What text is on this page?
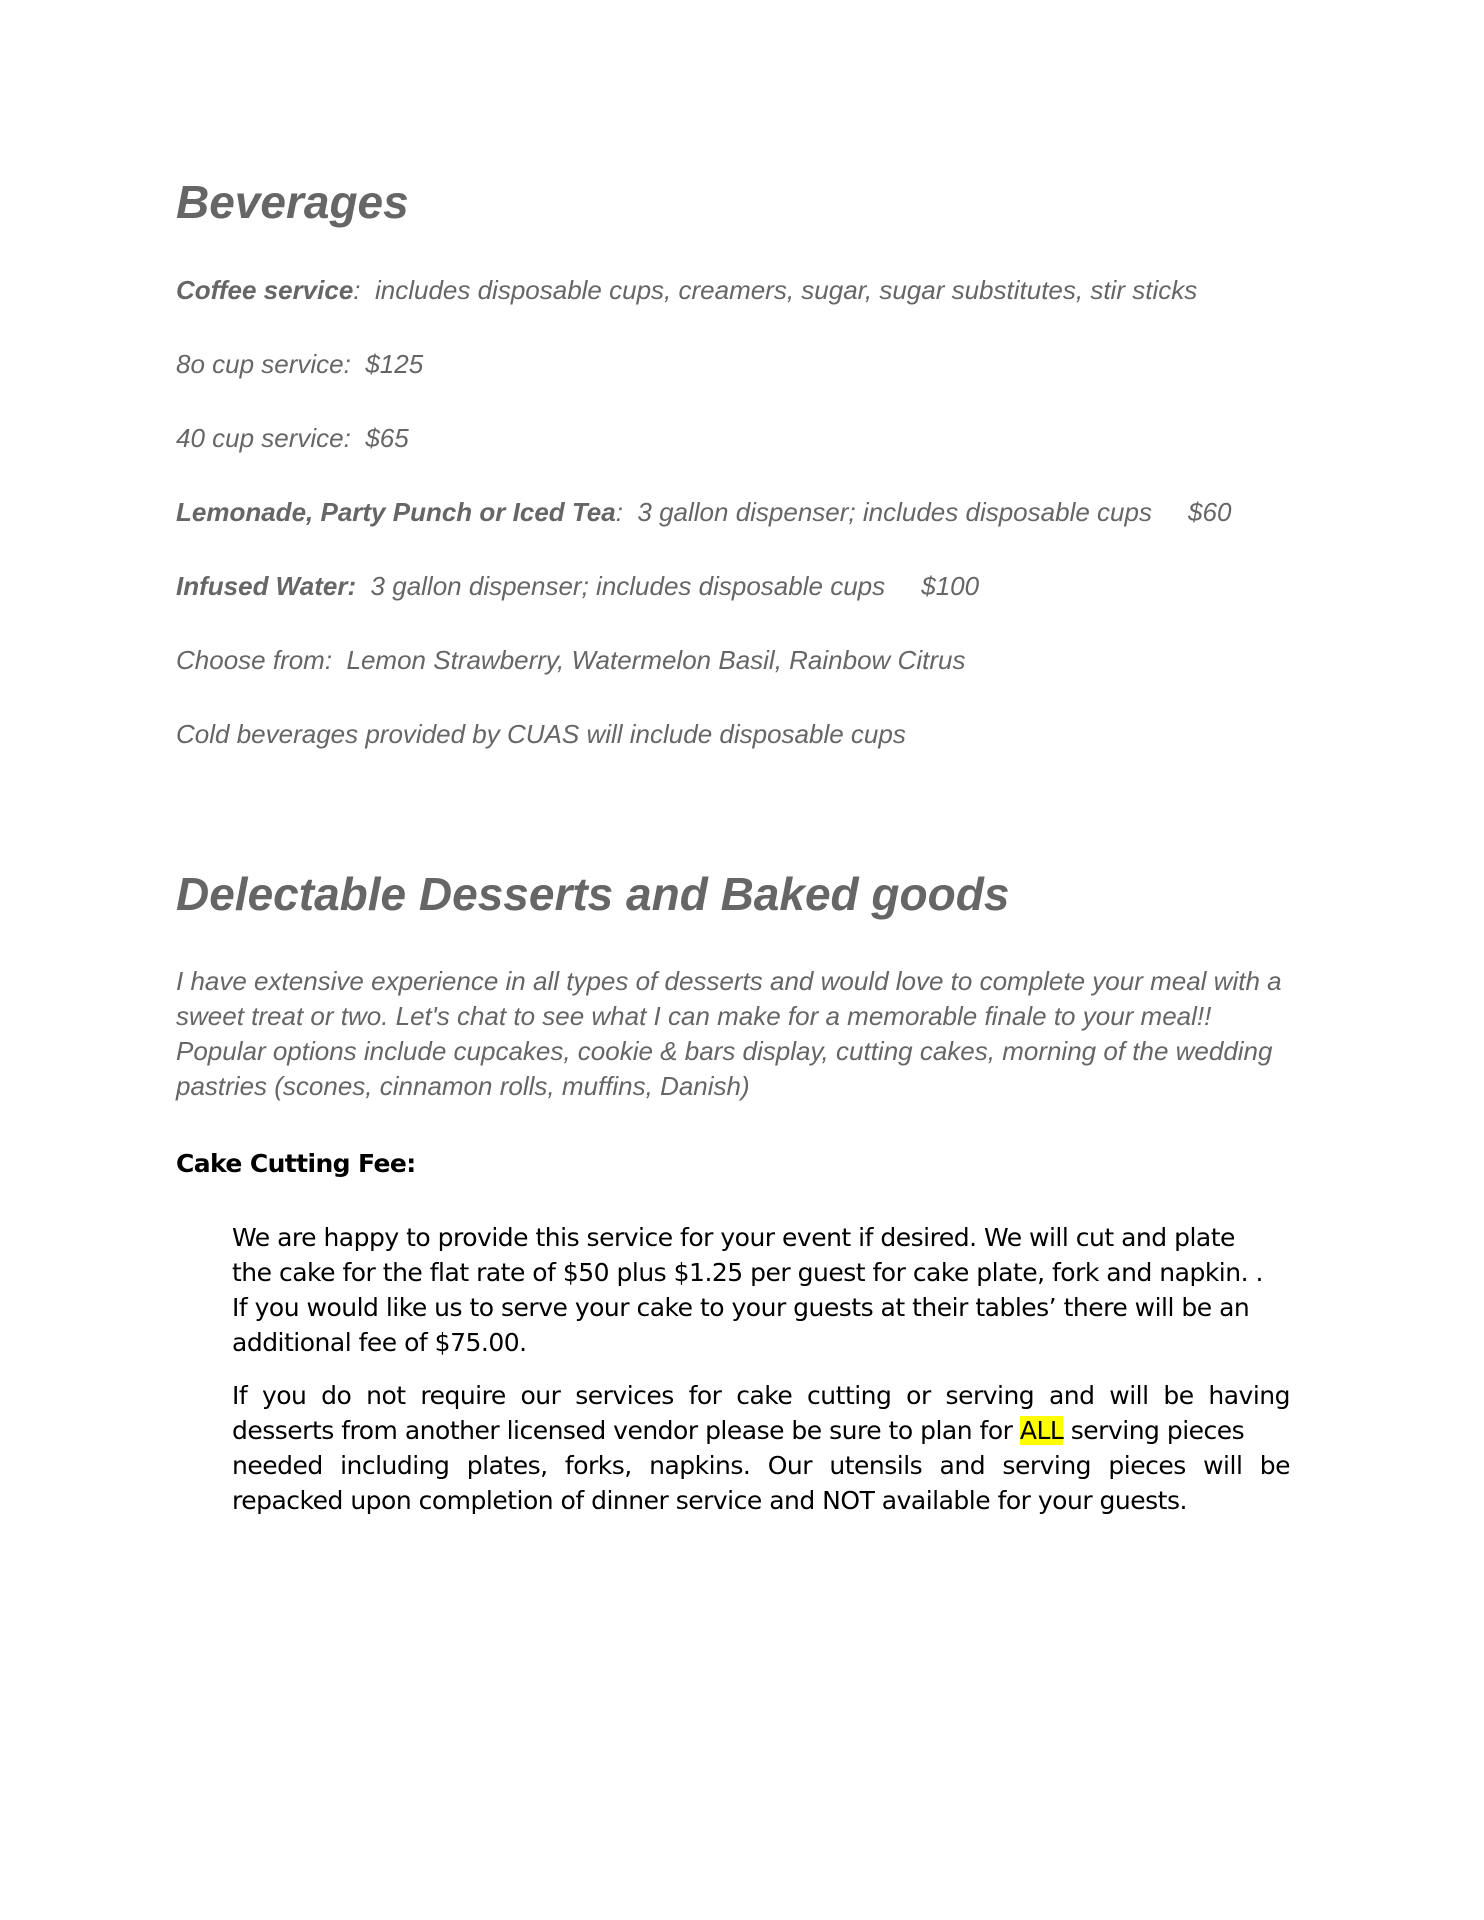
Beverages

Coffee service:  includes disposable cups, creamers, sugar, sugar substitutes, stir sticks

8o cup service:  $125

40 cup service:  $65

Lemonade, Party Punch or Iced Tea:  3 gallon dispenser; includes disposable cups     $60

Infused Water:  3 gallon dispenser; includes disposable cups     $100

Choose from:  Lemon Strawberry, Watermelon Basil, Rainbow Citrus

Cold beverages provided by CUAS will include disposable cups

Delectable Desserts and Baked goods

I have extensive experience in all types of desserts and would love to complete your meal with a
sweet treat or two. Let's chat to see what I can make for a memorable finale to your meal!!
Popular options include cupcakes, cookie & bars display, cutting cakes, morning of the wedding
pastries (scones, cinnamon rolls, muffins, Danish)

Cake Cutting Fee:

We are happy to provide this service for your event if desired. We will cut and plate
the cake for the flat rate of $50 plus $1.25 per guest for cake plate, fork and napkin. .
If you would like us to serve your cake to your guests at their tables’ there will be an
additional fee of $75.00.

If you do not require our services for cake cutting or serving and will be having
desserts from another licensed vendor please be sure to plan for ALL serving pieces
needed including plates, forks, napkins. Our utensils and serving pieces will be
repacked upon completion of dinner service and NOT available for your guests.
